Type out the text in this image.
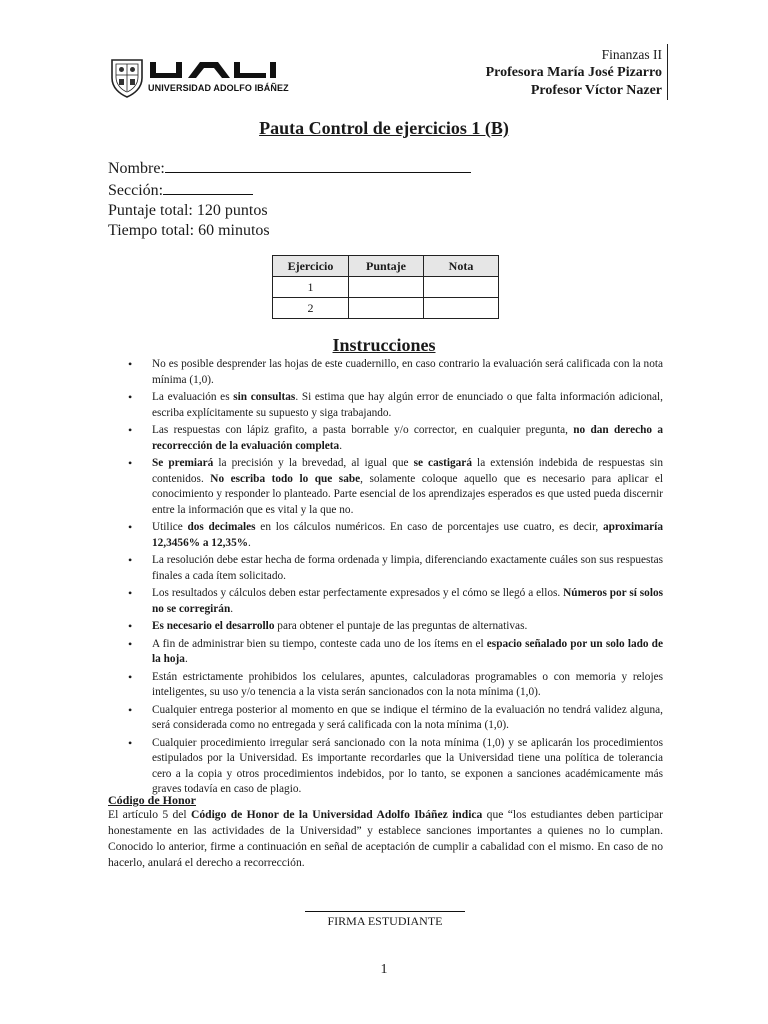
UNIVERSIDAD ADOLFO IBÁÑEZ
Finanzas II
Profesora María José Pizarro
Profesor Víctor Nazer
Pauta Control de ejercicios 1 (B)
Nombre:
Sección:
Puntaje total: 120 puntos
Tiempo total: 60 minutos
Ejercicio	Puntaje	Nota
1		
2		
Instrucciones
• No es posible desprender las hojas de este cuadernillo, en caso contrario la evaluación será calificada con la nota mínima (1,0).
• La evaluación es sin consultas. Si estima que hay algún error de enunciado o que falta información adicional, escriba explícitamente su supuesto y siga trabajando.
• Las respuestas con lápiz grafito, a pasta borrable y/o corrector, en cualquier pregunta, no dan derecho a recorrección de la evaluación completa.
• Se premiará la precisión y la brevedad, al igual que se castigará la extensión indebida de respuestas sin contenidos. No escriba todo lo que sabe, solamente coloque aquello que es necesario para aplicar el conocimiento y responder lo planteado. Parte esencial de los aprendizajes esperados es que usted pueda discernir entre la información que es vital y la que no.
• Utilice dos decimales en los cálculos numéricos. En caso de porcentajes use cuatro, es decir, aproximaría 12,3456% a 12,35%.
• La resolución debe estar hecha de forma ordenada y limpia, diferenciando exactamente cuáles son sus respuestas finales a cada ítem solicitado.
• Los resultados y cálculos deben estar perfectamente expresados y el cómo se llegó a ellos. Números por sí solos no se corregirán.
• Es necesario el desarrollo para obtener el puntaje de las preguntas de alternativas.
• A fin de administrar bien su tiempo, conteste cada uno de los ítems en el espacio señalado por un solo lado de la hoja.
• Están estrictamente prohibidos los celulares, apuntes, calculadoras programables o con memoria y relojes inteligentes, su uso y/o tenencia a la vista serán sancionados con la nota mínima (1,0).
• Cualquier entrega posterior al momento en que se indique el término de la evaluación no tendrá validez alguna, será considerada como no entregada y será calificada con la nota mínima (1,0).
• Cualquier procedimiento irregular será sancionado con la nota mínima (1,0) y se aplicarán los procedimientos estipulados por la Universidad. Es importante recordarles que la Universidad tiene una política de tolerancia cero a la copia y otros procedimientos indebidos, por lo tanto, se exponen a sanciones académicamente más graves todavía en caso de plagio.
Código de Honor
El artículo 5 del Código de Honor de la Universidad Adolfo Ibáñez indica que “los estudiantes deben participar honestamente en las actividades de la Universidad” y establece sanciones importantes a quienes no lo cumplan. Conocido lo anterior, firme a continuación en señal de aceptación de cumplir a cabalidad con el mismo. En caso de no hacerlo, anulará el derecho a recorrección.
FIRMA ESTUDIANTE
1
